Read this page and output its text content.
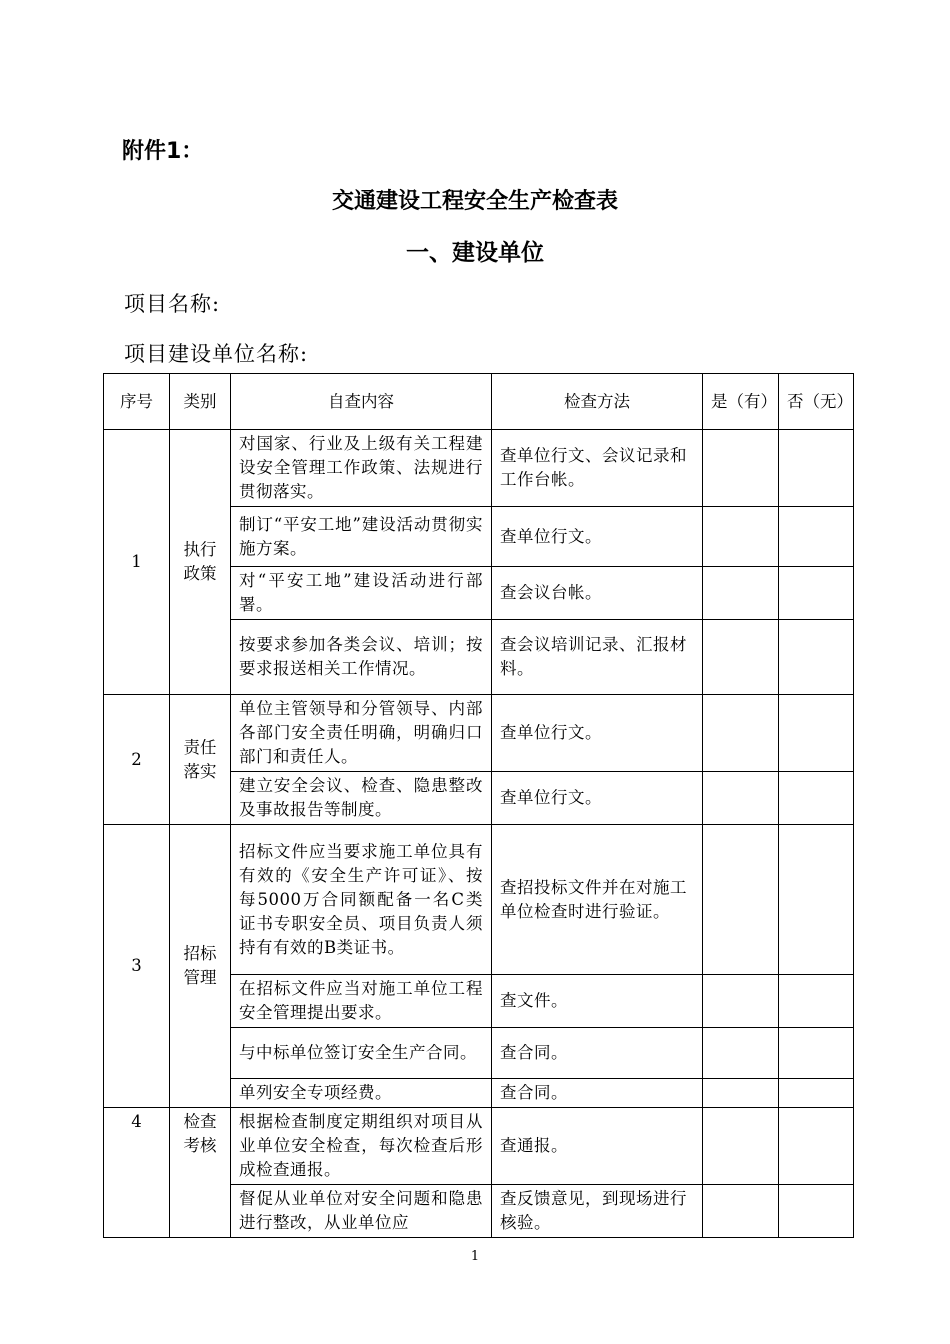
附件1：
交通建设工程安全生产检查表
一、建设单位
项目名称:
项目建设单位名称:
序号	类别	自查内容	检查方法	是（有）	否（无）
1	执行政策	对国家、行业及上级有关工程建设安全管理工作政策、法规进行贯彻落实。	查单位行文、会议记录和工作台帐。		
		制订“平安工地”建设活动贯彻实施方案。	查单位行文。		
		对“平安工地”建设活动进行部署。	查会议台帐。		
		按要求参加各类会议、培训；按要求报送相关工作情况。	查会议培训记录、汇报材料。		
2	责任落实	单位主管领导和分管领导、内部各部门安全责任明确，明确归口部门和责任人。	查单位行文。		
		建立安全会议、检查、隐患整改及事故报告等制度。	查单位行文。		
3	招标管理	招标文件应当要求施工单位具有有效的《安全生产许可证》、按每5000万合同额配备一名C类证书专职安全员、项目负责人须持有有效的B类证书。	查招投标文件并在对施工单位检查时进行验证。		
		在招标文件应当对施工单位工程安全管理提出要求。	查文件。		
		与中标单位签订安全生产合同。	查合同。		
		单列安全专项经费。	查合同。		
4	检查考核	根据检查制度定期组织对项目从业单位安全检查，每次检查后形成检查通报。	查通报。		
		督促从业单位对安全问题和隐患进行整改，从业单位应	查反馈意见，到现场进行核验。		
1
